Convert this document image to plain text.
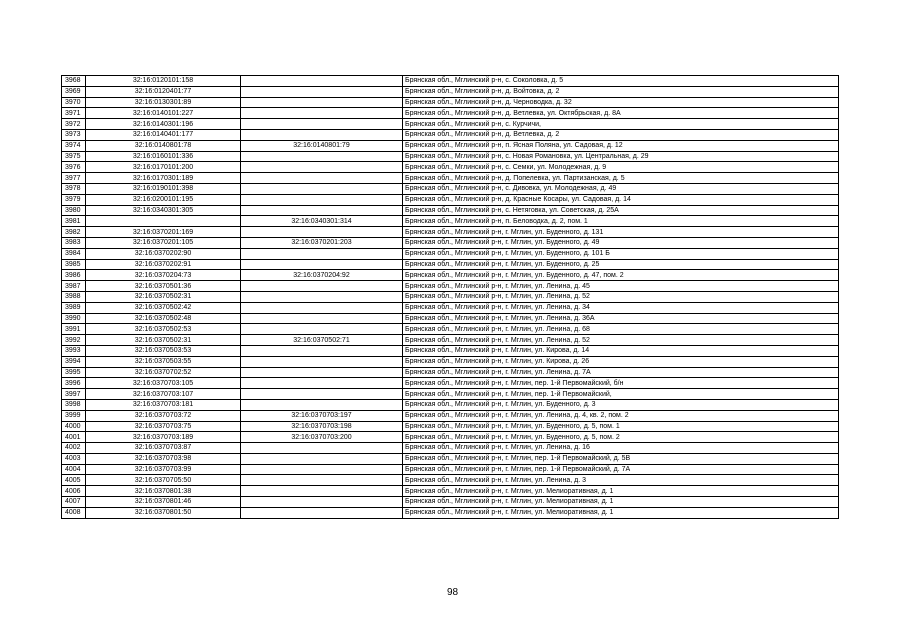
3968	32:16:0120101:158		Брянская обл., Мглинский р-н, с. Соколовка, д. 5
3969	32:16:0120401:77		Брянская обл., Мглинский р-н, д. Войтовка, д. 2
3970	32:16:0130301:89		Брянская обл., Мглинский р-н, д. Черноводка, д. 32
3971	32:16:0140101:227		Брянская обл., Мглинский р-н, д. Ветлевка, ул. Октябрьская, д. 8А
3972	32:16:0140301:196		Брянская обл., Мглинский р-н, с. Курчичи,
3973	32:16:0140401:177		Брянская обл., Мглинский р-н, д. Ветлевка, д. 2
3974	32:16:0140801:78	32:16:0140801:79	Брянская обл., Мглинский р-н, п. Ясная Поляна, ул. Садовая, д. 12
3975	32:16:0160101:336		Брянская обл., Мглинский р-н, с. Новая Романовка, ул. Центральная, д. 29
3976	32:16:0170101:200		Брянская обл., Мглинский р-н, с. Семки, ул. Молодежная, д. 9
3977	32:16:0170301:189		Брянская обл., Мглинский р-н, д. Попелевка, ул. Партизанская, д. 5
3978	32:16:0190101:398		Брянская обл., Мглинский р-н, с. Дивовка, ул. Молодежная, д. 49
3979	32:16:0200101:195		Брянская обл., Мглинский р-н, д. Красные Косары, ул. Садовая, д. 14
3980	32:16:0340301:305		Брянская обл., Мглинский р-н, с. Нетяговка, ул. Советская, д. 25А
3981		32:16:0340301:314	Брянская обл., Мглинский р-н, п. Беловодка, д. 2, пом. 1
3982	32:16:0370201:169		Брянская обл., Мглинский р-н, г. Мглин, ул. Буденного, д. 131
3983	32:16:0370201:105	32:16:0370201:203	Брянская обл., Мглинский р-н, г. Мглин, ул. Буденного, д. 49
3984	32:16:0370202:90		Брянская обл., Мглинский р-н, г. Мглин, ул. Буденного, д. 101 Б
3985	32:16:0370202:91		Брянская обл., Мглинский р-н, г. Мглин, ул. Буденного, д. 25
3986	32:16:0370204:73	32:16:0370204:92	Брянская обл., Мглинский р-н, г. Мглин, ул. Буденного, д. 47, пом. 2
3987	32:16:0370501:36		Брянская обл., Мглинский р-н, г. Мглин, ул. Ленина, д. 45
3988	32:16:0370502:31		Брянская обл., Мглинский р-н, г. Мглин, ул. Ленина, д. 52
3989	32:16:0370502:42		Брянская обл., Мглинский р-н, г. Мглин, ул. Ленина, д. 34
3990	32:16:0370502:48		Брянская обл., Мглинский р-н, г. Мглин, ул. Ленина, д. 36А
3991	32:16:0370502:53		Брянская обл., Мглинский р-н, г. Мглин, ул. Ленина, д. 68
3992	32:16:0370502:31	32:16:0370502:71	Брянская обл., Мглинский р-н, г. Мглин, ул. Ленина, д. 52
3993	32:16:0370503:53		Брянская обл., Мглинский р-н, г. Мглин, ул. Кирова, д. 14
3994	32:16:0370503:55		Брянская обл., Мглинский р-н, г. Мглин, ул. Кирова, д. 26
3995	32:16:0370702:52		Брянская обл., Мглинский р-н, г. Мглин, ул. Ленина, д. 7А
3996	32:16:0370703:105		Брянская обл., Мглинский р-н, г. Мглин, пер. 1-й Первомайский, б/н
3997	32:16:0370703:107		Брянская обл., Мглинский р-н, г. Мглин, пер. 1-й Первомайский,
3998	32:16:0370703:181		Брянская обл., Мглинский р-н, г. Мглин, ул. Буденного, д. 3
3999	32:16:0370703:72	32:16:0370703:197	Брянская обл., Мглинский р-н, г. Мглин, ул. Ленина, д. 4, кв. 2, пом. 2
4000	32:16:0370703:75	32:16:0370703:198	Брянская обл., Мглинский р-н, г. Мглин, ул. Буденного, д. 5, пом. 1
4001	32:16:0370703:189	32:16:0370703:200	Брянская обл., Мглинский р-н, г. Мглин, ул. Буденного, д. 5, пом. 2
4002	32:16:0370703:87		Брянская обл., Мглинский р-н, г. Мглин, ул. Ленина, д. 16
4003	32:16:0370703:98		Брянская обл., Мглинский р-н, г. Мглин, пер. 1-й Первомайский, д. 5В
4004	32:16:0370703:99		Брянская обл., Мглинский р-н, г. Мглин, пер. 1-й Первомайский, д. 7А
4005	32:16:0370705:50		Брянская обл., Мглинский р-н, г. Мглин, ул. Ленина, д. 3
4006	32:16:0370801:38		Брянская обл., Мглинский р-н, г. Мглин, ул. Мелиоративная, д. 1
4007	32:16:0370801:46		Брянская обл., Мглинский р-н, г. Мглин, ул. Мелиоративная, д. 1
4008	32:16:0370801:50		Брянская обл., Мглинский р-н, г. Мглин, ул. Мелиоративная, д. 1
98
